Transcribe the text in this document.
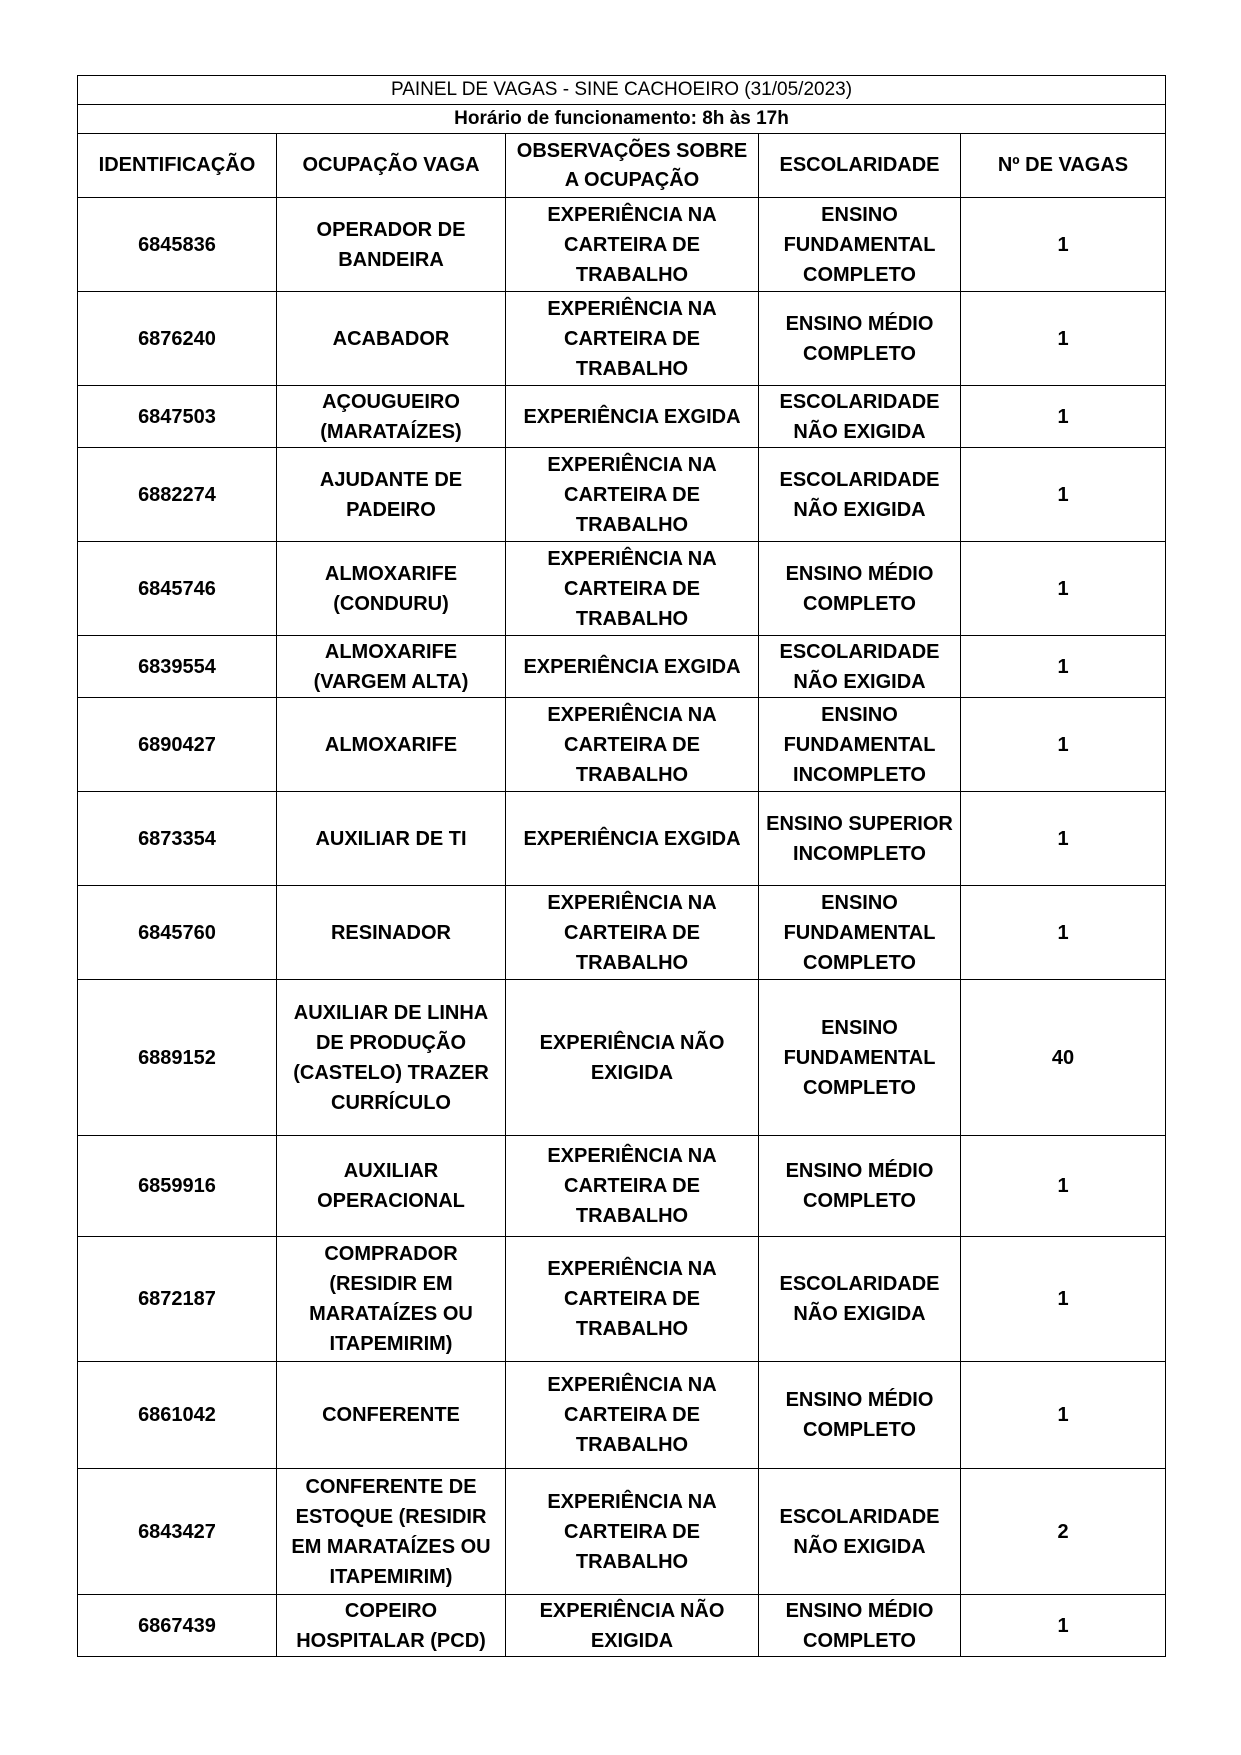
PAINEL DE VAGAS - SINE CACHOEIRO (31/05/2023)				
Horário de funcionamento: 8h às 17h				
IDENTIFICAÇÃO	OCUPAÇÃO VAGA	OBSERVAÇÕES SOBRE A OCUPAÇÃO	ESCOLARIDADE	Nº DE VAGAS
6845836	OPERADOR DE BANDEIRA	EXPERIÊNCIA NA CARTEIRA DE TRABALHO	ENSINO FUNDAMENTAL COMPLETO	1
6876240	ACABADOR	EXPERIÊNCIA NA CARTEIRA DE TRABALHO	ENSINO MÉDIO COMPLETO	1
6847503	AÇOUGUEIRO (MARATAÍZES)	EXPERIÊNCIA EXGIDA	ESCOLARIDADE NÃO EXIGIDA	1
6882274	AJUDANTE DE PADEIRO	EXPERIÊNCIA NA CARTEIRA DE TRABALHO	ESCOLARIDADE NÃO EXIGIDA	1
6845746	ALMOXARIFE (CONDURU)	EXPERIÊNCIA NA CARTEIRA DE TRABALHO	ENSINO MÉDIO COMPLETO	1
6839554	ALMOXARIFE (VARGEM ALTA)	EXPERIÊNCIA EXGIDA	ESCOLARIDADE NÃO EXIGIDA	1
6890427	ALMOXARIFE	EXPERIÊNCIA NA CARTEIRA DE TRABALHO	ENSINO FUNDAMENTAL INCOMPLETO	1
6873354	AUXILIAR DE TI	EXPERIÊNCIA EXGIDA	ENSINO SUPERIOR INCOMPLETO	1
6845760	RESINADOR	EXPERIÊNCIA NA CARTEIRA DE TRABALHO	ENSINO FUNDAMENTAL COMPLETO	1
6889152	AUXILIAR DE LINHA DE PRODUÇÃO (CASTELO) TRAZER CURRÍCULO	EXPERIÊNCIA NÃO EXIGIDA	ENSINO FUNDAMENTAL COMPLETO	40
6859916	AUXILIAR OPERACIONAL	EXPERIÊNCIA NA CARTEIRA DE TRABALHO	ENSINO MÉDIO COMPLETO	1
6872187	COMPRADOR (RESIDIR EM MARATAÍZES OU ITAPEMIRIM)	EXPERIÊNCIA NA CARTEIRA DE TRABALHO	ESCOLARIDADE NÃO EXIGIDA	1
6861042	CONFERENTE	EXPERIÊNCIA NA CARTEIRA DE TRABALHO	ENSINO MÉDIO COMPLETO	1
6843427	CONFERENTE DE ESTOQUE (RESIDIR EM MARATAÍZES OU ITAPEMIRIM)	EXPERIÊNCIA NA CARTEIRA DE TRABALHO	ESCOLARIDADE NÃO EXIGIDA	2
6867439	COPEIRO HOSPITALAR (PCD)	EXPERIÊNCIA NÃO EXIGIDA	ENSINO MÉDIO COMPLETO	1
